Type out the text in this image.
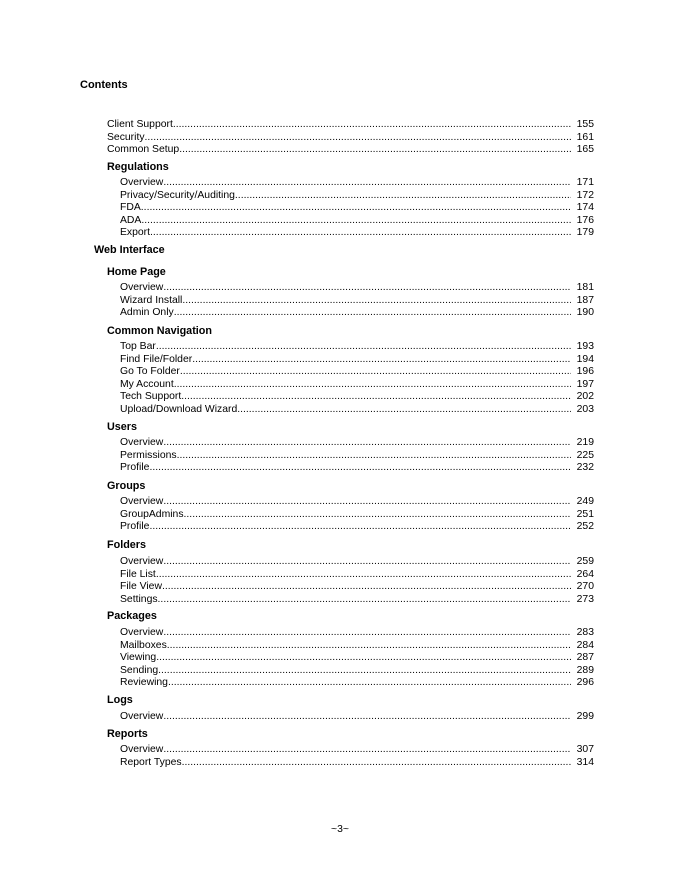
Contents
Client Support .....	155
Security .....	161
Common Setup .....	165
Regulations
Overview .....	171
Privacy/Security/Auditing .....	172
FDA .....	174
ADA .....	176
Export .....	179
Web Interface
Home Page
Overview .....	181
Wizard Install .....	187
Admin Only .....	190
Common Navigation
Top Bar .....	193
Find File/Folder .....	194
Go To Folder .....	196
My Account .....	197
Tech Support .....	202
Upload/Download Wizard .....	203
Users
Overview .....	219
Permissions .....	225
Profile .....	232
Groups
Overview .....	249
GroupAdmins .....	251
Profile .....	252
Folders
Overview .....	259
File List .....	264
File View .....	270
Settings .....	273
Packages
Overview .....	283
Mailboxes .....	284
Viewing .....	287
Sending .....	289
Reviewing .....	296
Logs
Overview .....	299
Reports
Overview .....	307
Report Types .....	314
~3~
